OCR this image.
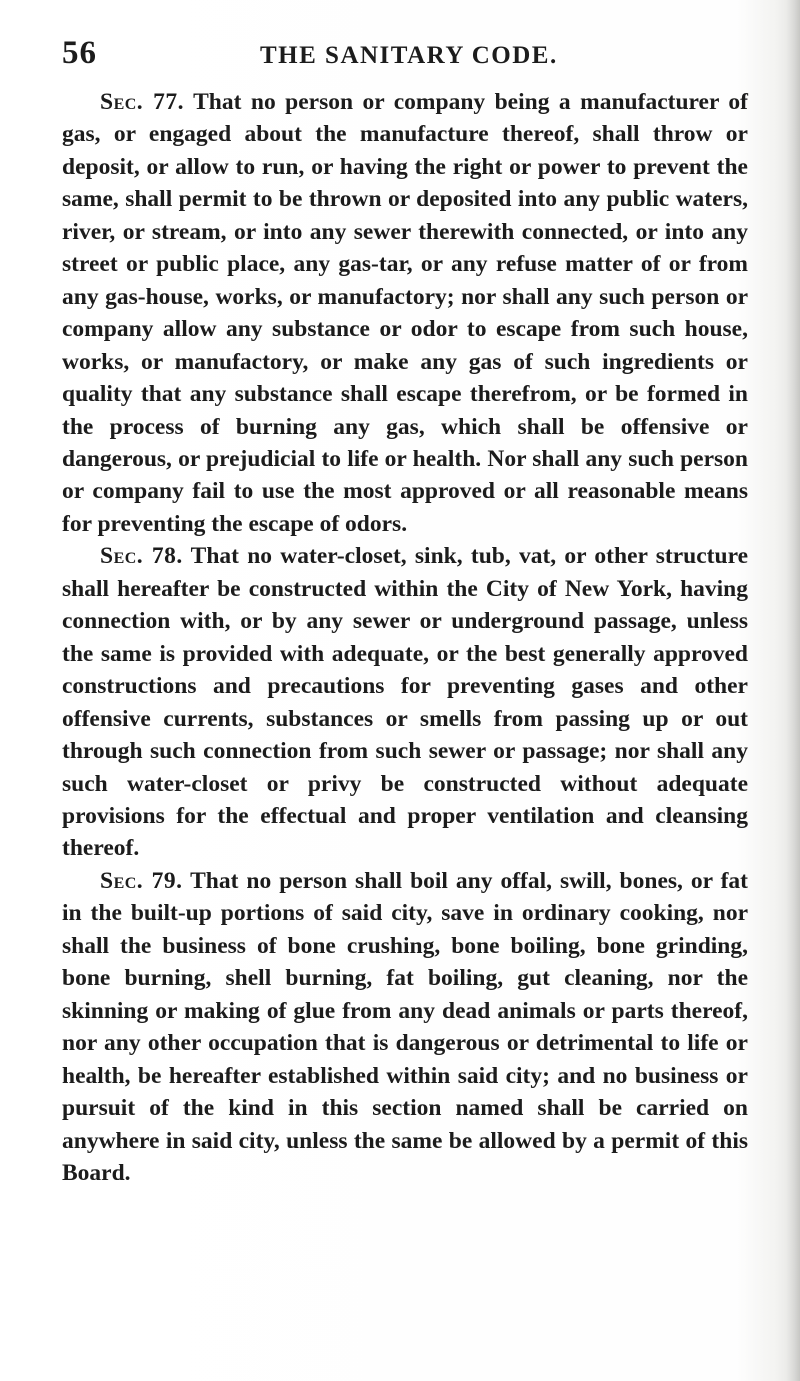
56	THE SANITARY CODE.

Sec. 77. That no person or company being a manufacturer of gas, or engaged about the manufacture thereof, shall throw or deposit, or allow to run, or having the right or power to prevent the same, shall permit to be thrown or deposited into any public waters, river, or stream, or into any sewer therewith connected, or into any street or public place, any gas-tar, or any refuse matter of or from any gas-house, works, or manufactory; nor shall any such person or company allow any substance or odor to escape from such house, works, or manufactory, or make any gas of such ingredients or quality that any substance shall escape therefrom, or be formed in the process of burning any gas, which shall be offensive or dangerous, or prejudicial to life or health. Nor shall any such person or company fail to use the most approved or all reasonable means for preventing the escape of odors.

Sec. 78. That no water-closet, sink, tub, vat, or other structure shall hereafter be constructed within the City of New York, having connection with, or by any sewer or underground passage, unless the same is provided with adequate, or the best generally approved constructions and precautions for preventing gases and other offensive currents, substances or smells from passing up or out through such connection from such sewer or passage; nor shall any such water-closet or privy be constructed without adequate provisions for the effectual and proper ventilation and cleansing thereof.

Sec. 79. That no person shall boil any offal, swill, bones, or fat in the built-up portions of said city, save in ordinary cooking, nor shall the business of bone crushing, bone boiling, bone grinding, bone burning, shell burning, fat boiling, gut cleaning, nor the skinning or making of glue from any dead animals or parts thereof, nor any other occupation that is dangerous or detrimental to life or health, be hereafter established within said city; and no business or pursuit of the kind in this section named shall be carried on anywhere in said city, unless the same be allowed by a permit of this Board.
